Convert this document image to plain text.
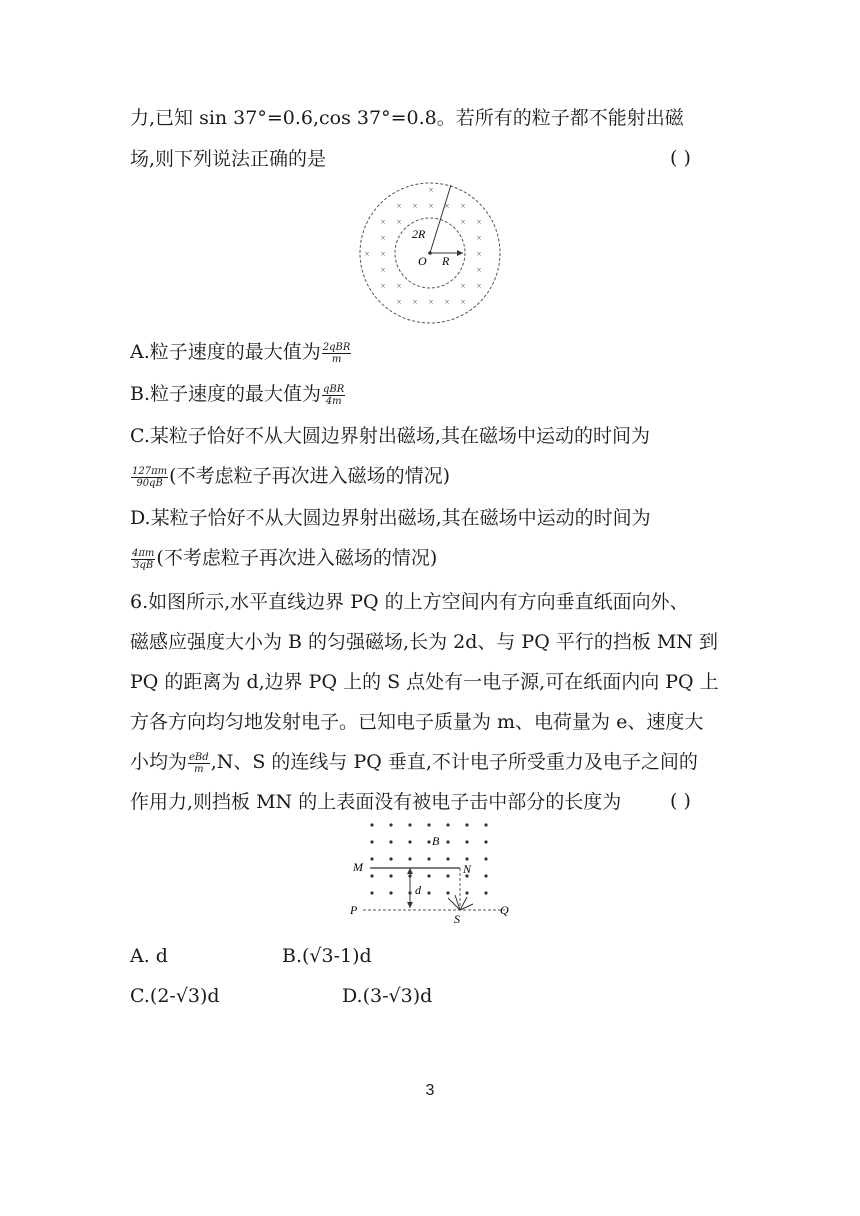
力,已知 sin 37°=0.6,cos 37°=0.8。若所有的粒子都不能射出磁
场,则下列说法正确的是	( )
×
× × × × ×
× ×	× ×
×	×
× ×	×
×	×
× ×	× ×
× × × × ×
2R
O R
A.粒子速度的最大值为 $\frac{\text{2qBR}}{m}$
B.粒子速度的最大值为 $\frac{\text{qBR}}{4m}$
C.某粒子恰好不从大圆边界射出磁场,其在磁场中运动的时间为
$\frac{127\pi m}{90qB}$ (不考虑粒子再次进入磁场的情况)
D.某粒子恰好不从大圆边界射出磁场,其在磁场中运动的时间为
$\frac{4\pi m}{3qB}$ (不考虑粒子再次进入磁场的情况)
6.如图所示,水平直线边界 PQ 的上方空间内有方向垂直纸面向外、
磁感应强度大小为 B 的匀强磁场,长为 2d、与 PQ 平行的挡板 MN 到
PQ 的距离为 d,边界 PQ 上的 S 点处有一电子源,可在纸面内向 PQ 上
方各方向均匀地发射电子。已知电子质量为 m、电荷量为 e、速度大
小均为 $\frac{\text{eBd}}{m} ,N$、S 的连线与 PQ 垂直,不计电子所受重力及电子之间的
作用力,则挡板 MN 的上表面没有被电子击中部分的长度为	( )
M	N
B
d
P
S
Q
A. d	B.(√3-1)d
C.(2-√3)d	D.(3-√3)d
3
